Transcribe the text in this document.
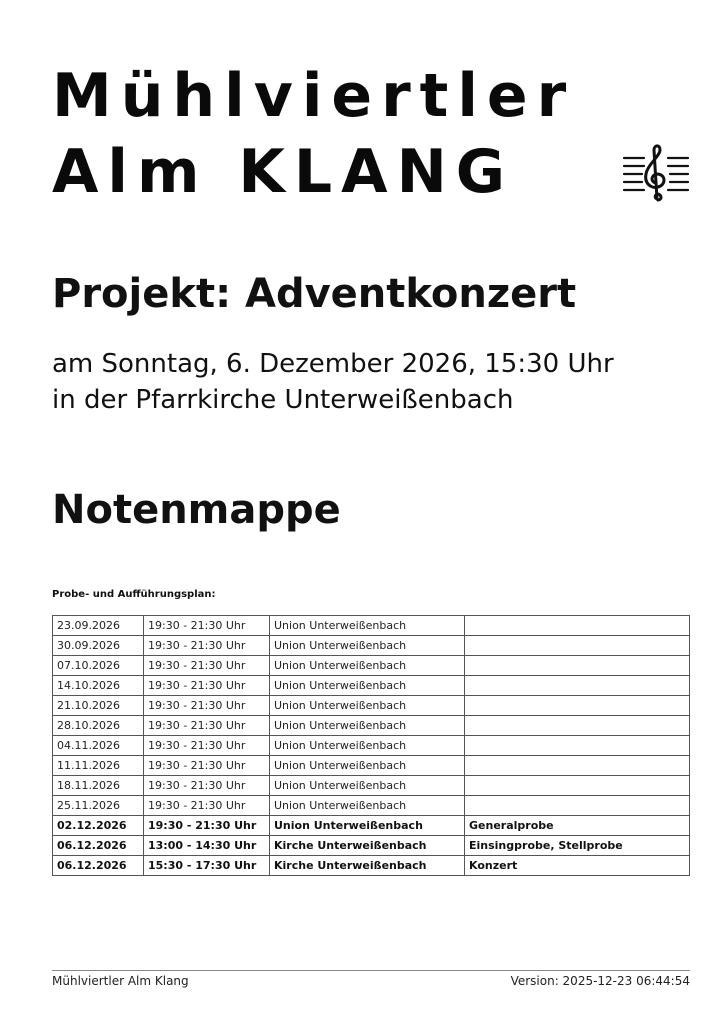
Mühlviertler
Alm KLANG
Projekt: Adventkonzert
am Sonntag, 6. Dezember 2026, 15:30 Uhr
in der Pfarrkirche Unterweißenbach
Notenmappe
Probe- und Aufführungsplan:
23.09.2026	19:30 - 21:30 Uhr	Union Unterweißenbach	
30.09.2026	19:30 - 21:30 Uhr	Union Unterweißenbach	
07.10.2026	19:30 - 21:30 Uhr	Union Unterweißenbach	
14.10.2026	19:30 - 21:30 Uhr	Union Unterweißenbach	
21.10.2026	19:30 - 21:30 Uhr	Union Unterweißenbach	
28.10.2026	19:30 - 21:30 Uhr	Union Unterweißenbach	
04.11.2026	19:30 - 21:30 Uhr	Union Unterweißenbach	
11.11.2026	19:30 - 21:30 Uhr	Union Unterweißenbach	
18.11.2026	19:30 - 21:30 Uhr	Union Unterweißenbach	
25.11.2026	19:30 - 21:30 Uhr	Union Unterweißenbach	
02.12.2026	19:30 - 21:30 Uhr	Union Unterweißenbach	Generalprobe
06.12.2026	13:00 - 14:30 Uhr	Kirche Unterweißenbach	Einsingprobe, Stellprobe
06.12.2026	15:30 - 17:30 Uhr	Kirche Unterweißenbach	Konzert
Mühlviertler Alm Klang	Version: 2025-12-23 06:44:54
